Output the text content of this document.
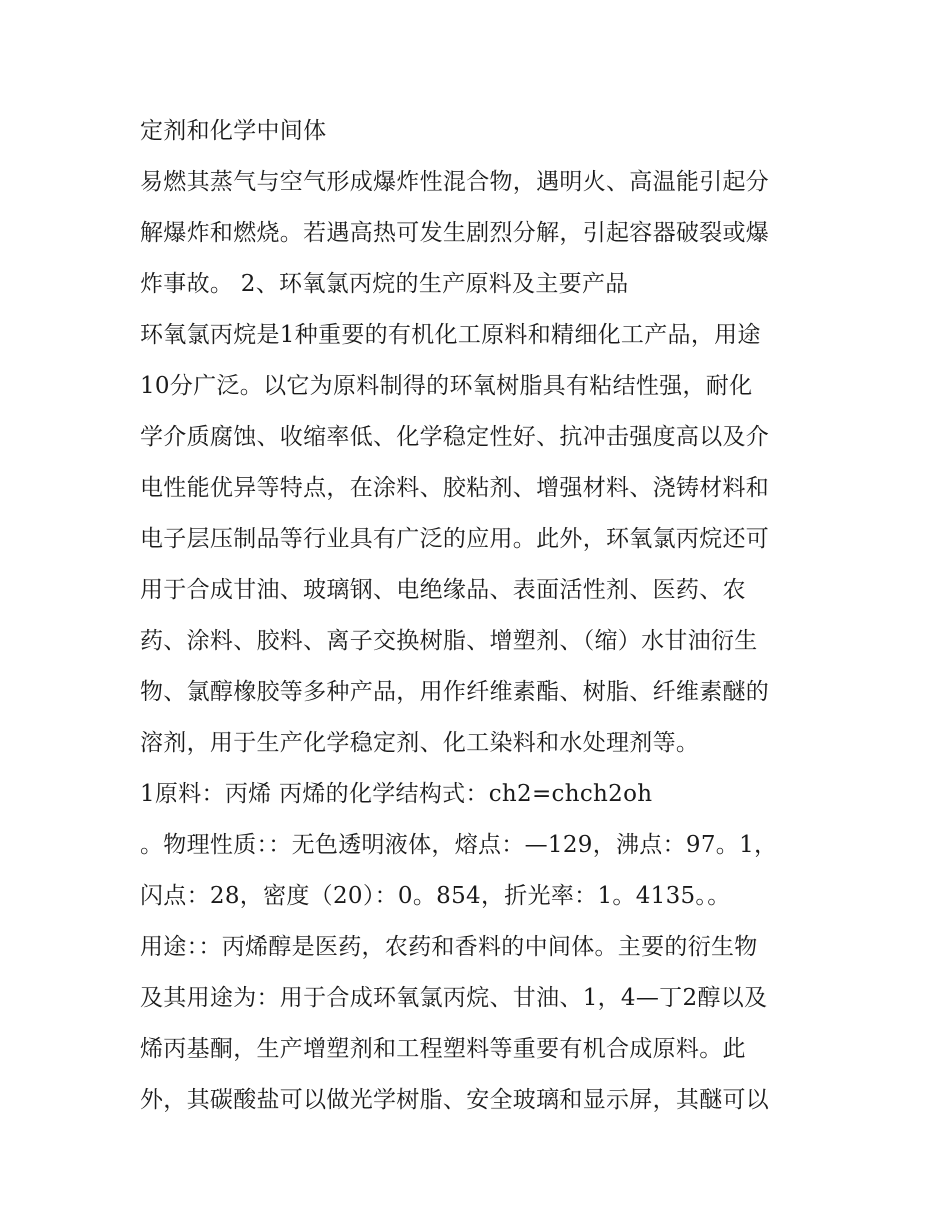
定剂和化学中间体
易燃其蒸气与空气形成爆炸性混合物，遇明火、高温能引起分
解爆炸和燃烧。若遇高热可发生剧烈分解，引起容器破裂或爆
炸事故。 2、环氧氯丙烷的生产原料及主要产品
环氧氯丙烷是1种重要的有机化工原料和精细化工产品，用途
10分广泛。以它为原料制得的环氧树脂具有粘结性强，耐化
学介质腐蚀、收缩率低、化学稳定性好、抗冲击强度高以及介
电性能优异等特点，在涂料、胶粘剂、增强材料、浇铸材料和
电子层压制品等行业具有广泛的应用。此外，环氧氯丙烷还可
用于合成甘油、玻璃钢、电绝缘品、表面活性剂、医药、农
药、涂料、胶料、离子交换树脂、增塑剂、（缩）水甘油衍生
物、氯醇橡胶等多种产品，用作纤维素酯、树脂、纤维素醚的
溶剂，用于生产化学稳定剂、化工染料和水处理剂等。
1原料：丙烯 丙烯的化学结构式：ch2=chch2oh
。物理性质：：无色透明液体，熔点：—129，沸点：97。1，
闪点：28，密度（20）：0。854，折光率：1。4135。。
用途：：丙烯醇是医药，农药和香料的中间体。主要的衍生物
及其用途为：用于合成环氧氯丙烷、甘油、1，4—丁2醇以及
烯丙基酮，生产增塑剂和工程塑料等重要有机合成原料。此
外，其碳酸盐可以做光学树脂、安全玻璃和显示屏，其醚可以
